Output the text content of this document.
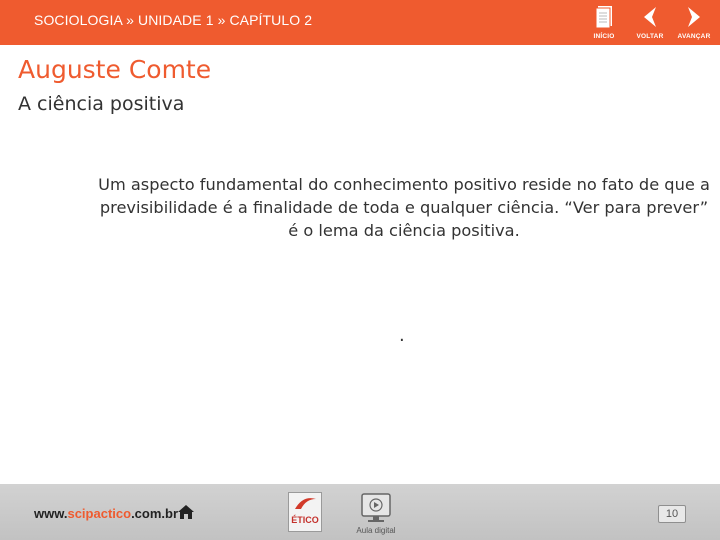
SOCIOLOGIA » UNIDADE 1 » CAPÍTULO 2
INÍCIO	VOLTAR	AVANÇAR
Auguste Comte
A ciência positiva
Um aspecto fundamental do conhecimento positivo reside no fato de que a previsibilidade é a finalidade de toda e qualquer ciência. “Ver para prever” é o lema da ciência positiva.
.
www.scipactico.com.br	ÉTICO
Aula digital
10
